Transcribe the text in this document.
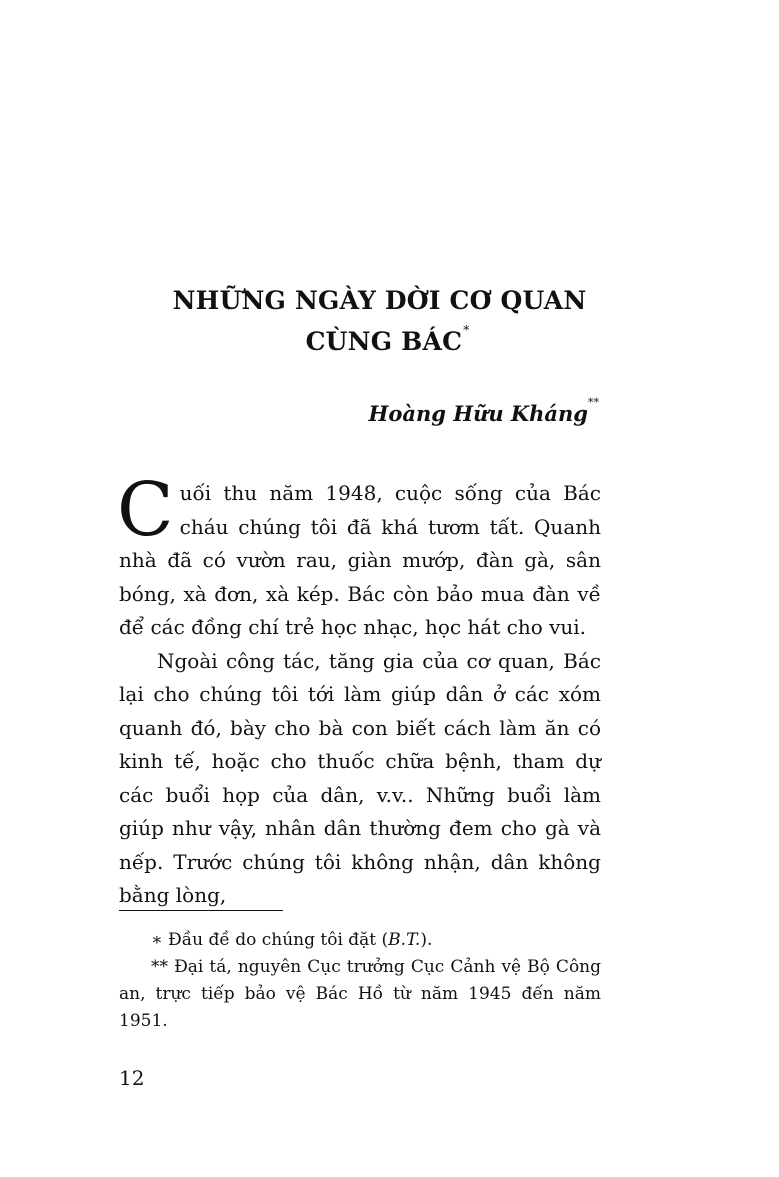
NHỮNG NGÀY DỜI CƠ QUAN
CÙNG BÁC*
Hoàng Hữu Kháng**

Cuối thu năm 1948, cuộc sống của Bác cháu chúng tôi đã khá tươm tất. Quanh nhà đã có vườn rau, giàn mướp, đàn gà, sân bóng, xà đơn, xà kép. Bác còn bảo mua đàn về để các đồng chí trẻ học nhạc, học hát cho vui.

Ngoài công tác, tăng gia của cơ quan, Bác lại cho chúng tôi tới làm giúp dân ở các xóm quanh đó, bày cho bà con biết cách làm ăn có kinh tế, hoặc cho thuốc chữa bệnh, tham dự các buổi họp của dân, v.v.. Những buổi làm giúp như vậy, nhân dân thường đem cho gà và nếp. Trước chúng tôi không nhận, dân không bằng lòng,

∗ Đầu đề do chúng tôi đặt (B.T.).

** Đại tá, nguyên Cục trưởng Cục Cảnh vệ Bộ Công an, trực tiếp bảo vệ Bác Hồ từ năm 1945 đến năm 1951.

12
